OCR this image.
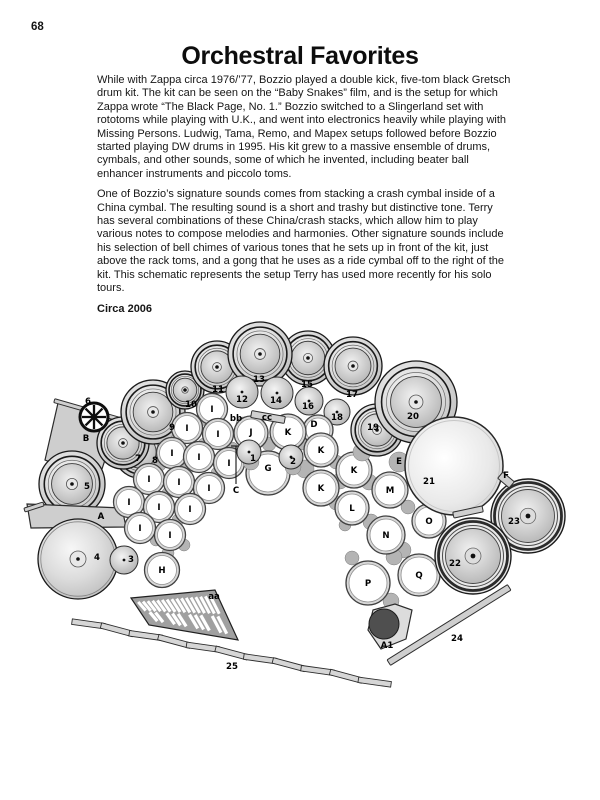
68
Orchestral Favorites

While with Zappa circa 1976/’77, Bozzio played a double kick, five-tom black Gretsch drum kit. The kit can be seen on the “Baby Snakes” film, and is the setup for which Zappa wrote “The Black Page, No. 1.” Bozzio switched to a Slingerland set with rototoms while playing with U.K., and went into electronics heavily while playing with Missing Persons. Ludwig, Tama, Remo, and Mapex setups followed before Bozzio started playing DW drums in 1995. His kit grew to a massive ensemble of drums, cymbals, and other sounds, some of which he invented, including beater ball enhancer instruments and piccolo toms.

One of Bozzio’s signature sounds comes from stacking a crash cymbal inside of a China cymbal. The resulting sound is a short and trashy but distinctive tone. Terry has several combinations of these China/crash stacks, which allow him to play various notes to compose melodies and harmonies. Other signature sounds include his selection of bell chimes of various tones that he sets up in front of the kit, just above the rack toms, and a gong that he uses as a ride cymbal off to the right of the kit. This schematic represents the setup Terry has used more recently for his solo tours.

Circa 2006

1	2
3
4
5
6
7 8
9
10
11
12
13
14
15
16
17
18
19
20
21
22
23
24
25
A
B
C
D
E
F
G
H
I
I
I
I	I
I
I	I
I
I	I	I
I
I
J	K
K
K
K
L
M
N
O
P
Q
A1
aa
bb cc
